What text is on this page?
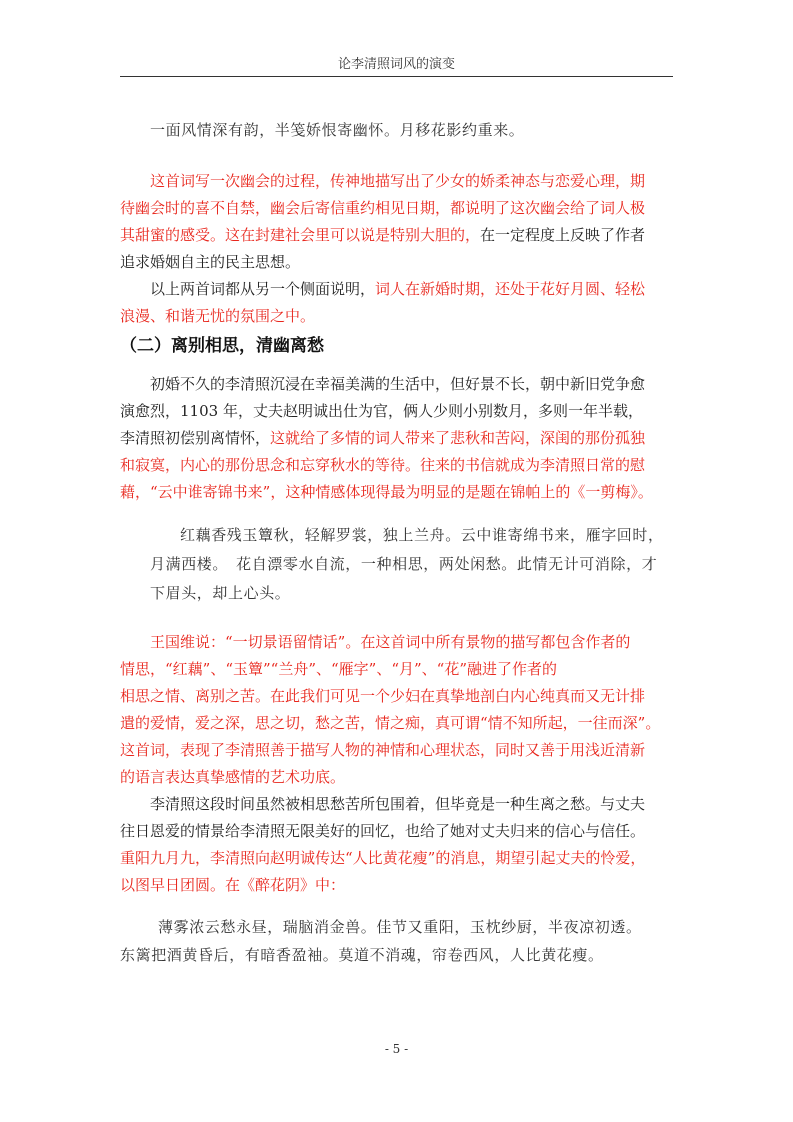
论李清照词风的演变
一面风情深有韵，半笺娇恨寄幽怀。月移花影约重来。
这首词写一次幽会的过程，传神地描写出了少女的娇柔神态与恋爱心理，期
待幽会时的喜不自禁，幽会后寄信重约相见日期，都说明了这次幽会给了词人极
其甜蜜的感受。这在封建社会里可以说是特别大胆的，在一定程度上反映了作者
追求婚姻自主的民主思想。
以上两首词都从另一个侧面说明，词人在新婚时期，还处于花好月圆、轻松
浪漫、和谐无忧的氛围之中。
（二）离别相思，清幽离愁
初婚不久的李清照沉浸在幸福美满的生活中，但好景不长，朝中新旧党争愈
演愈烈，1103 年，丈夫赵明诚出仕为官，俩人少则小别数月，多则一年半载，
李清照初偿别离情怀，这就给了多情的词人带来了悲秋和苦闷，深闺的那份孤独
和寂寞，内心的那份思念和忘穿秋水的等待。往来的书信就成为李清照日常的慰
藉，“云中谁寄锦书来”，这种情感体现得最为明显的是题在锦帕上的《一剪梅》。
红藕香残玉簟秋，轻解罗裳，独上兰舟。云中谁寄绵书来，雁字回时，
月满西楼。　花自漂零水自流，一种相思，两处闲愁。此情无计可消除，才
下眉头，却上心头。
王国维说：“一切景语留情话”。在这首词中所有景物的描写都包含作者的
情思，“红藕”、“玉簟”“兰舟”、“雁字”、“月”、“花”融进了作者的
相思之情、离别之苦。在此我们可见一个少妇在真挚地剖白内心纯真而又无计排
遣的爱情，爱之深，思之切，愁之苦，情之痴，真可谓“情不知所起，一往而深”。
这首词，表现了李清照善于描写人物的神情和心理状态，同时又善于用浅近清新
的语言表达真挚感情的艺术功底。
李清照这段时间虽然被相思愁苦所包围着，但毕竟是一种生离之愁。与丈夫
往日恩爱的情景给李清照无限美好的回忆，也给了她对丈夫归来的信心与信任。
重阳九月九，李清照向赵明诚传达“人比黄花瘦”的消息，期望引起丈夫的怜爱，
以图早日团圆。在《醉花阴》中：
薄雾浓云愁永昼，瑞脑消金兽。佳节又重阳，玉枕纱厨，半夜凉初透。
东篱把酒黄昏后，有暗香盈袖。莫道不消魂，帘卷西风，人比黄花瘦。
- 5 -
